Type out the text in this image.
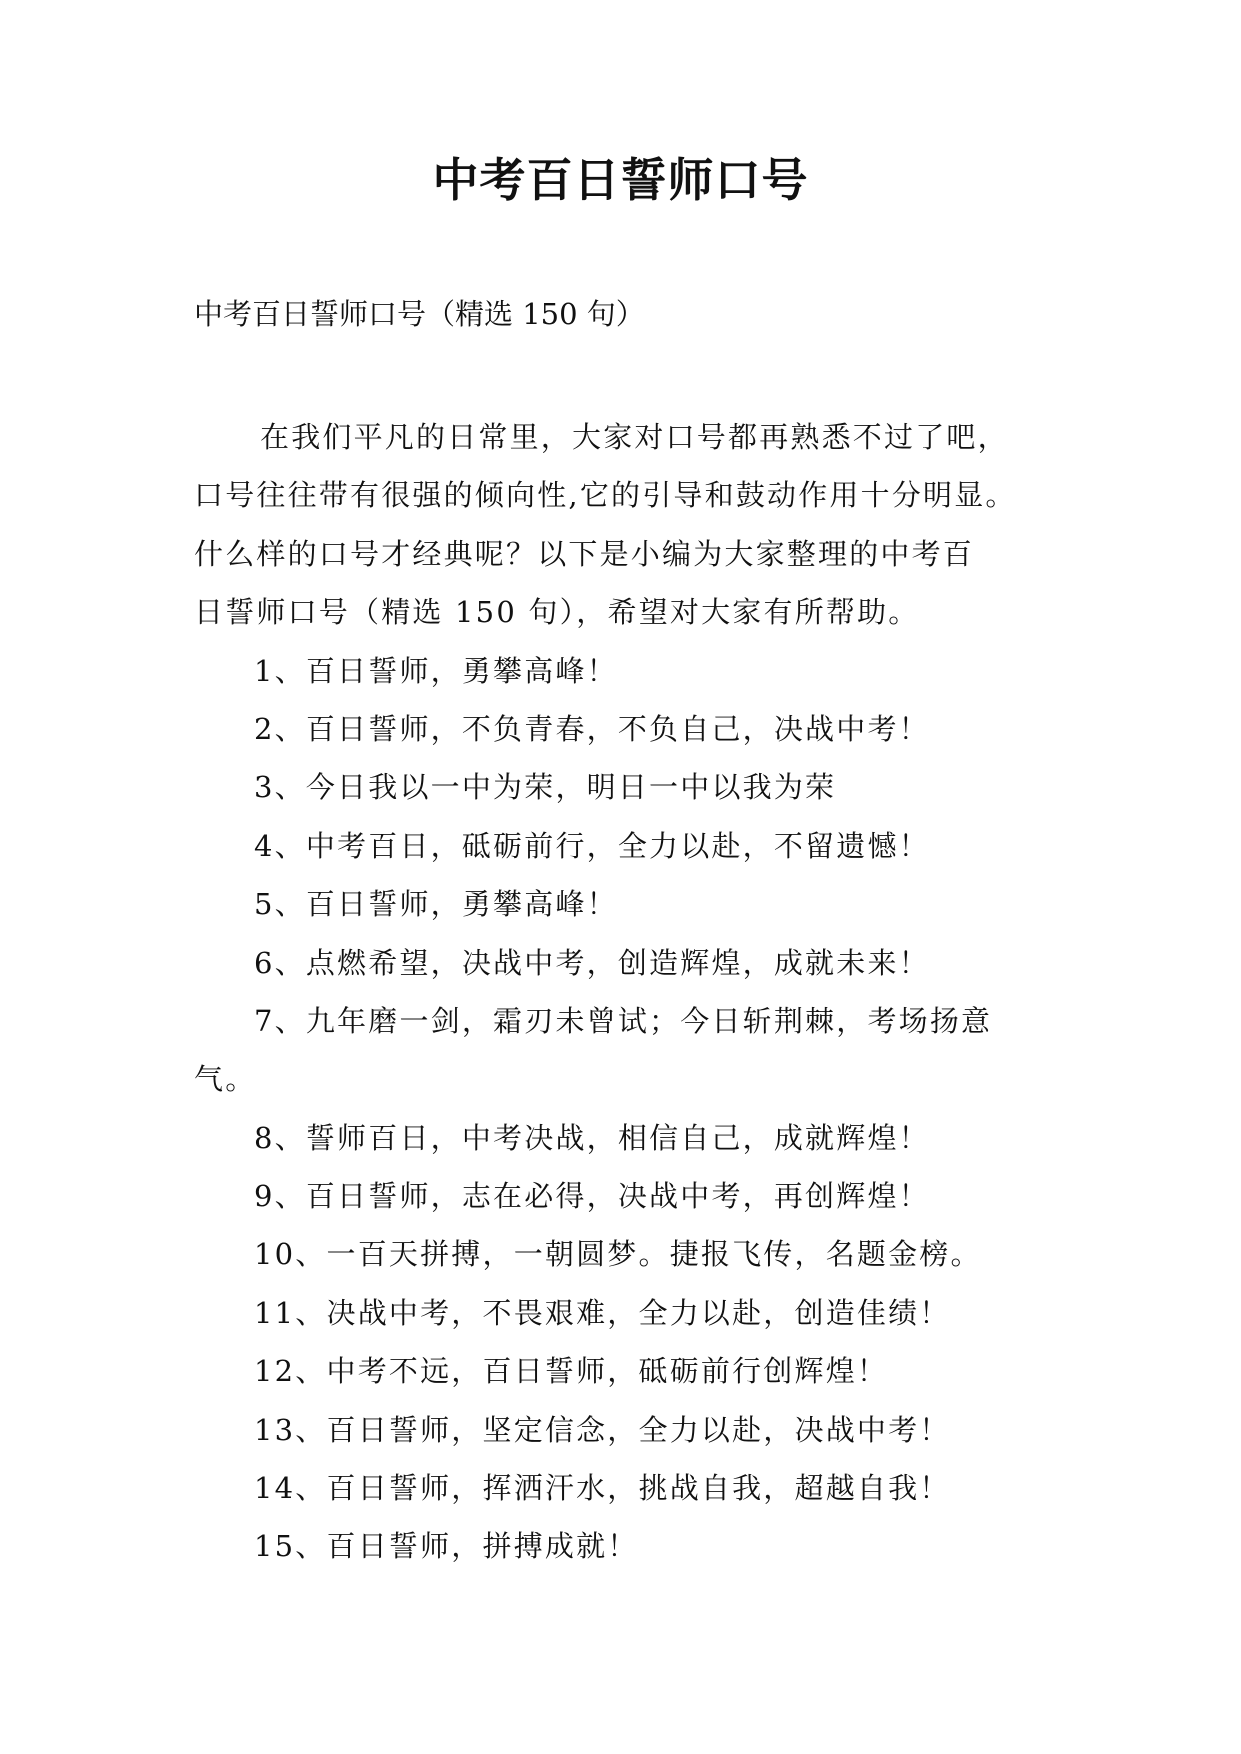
中考百日誓师口号
中考百日誓师口号（精选 150 句）
在我们平凡的日常里，大家对口号都再熟悉不过了吧，
口号往往带有很强的倾向性,它的引导和鼓动作用十分明显。
什么样的口号才经典呢？以下是小编为大家整理的中考百
日誓师口号（精选 150 句），希望对大家有所帮助。
1、百日誓师，勇攀高峰！
2、百日誓师，不负青春，不负自己，决战中考！
3、今日我以一中为荣，明日一中以我为荣
4、中考百日，砥砺前行，全力以赴，不留遗憾！
5、百日誓师，勇攀高峰！
6、点燃希望，决战中考，创造辉煌，成就未来！
7、九年磨一剑，霜刃未曾试；今日斩荆棘，考场扬意
气。
8、誓师百日，中考决战，相信自己，成就辉煌！
9、百日誓师，志在必得，决战中考，再创辉煌！
10、一百天拼搏，一朝圆梦。捷报飞传，名题金榜。
11、决战中考，不畏艰难，全力以赴，创造佳绩！
12、中考不远，百日誓师，砥砺前行创辉煌！
13、百日誓师，坚定信念，全力以赴，决战中考！
14、百日誓师，挥洒汗水，挑战自我，超越自我！
15、百日誓师，拼搏成就！
